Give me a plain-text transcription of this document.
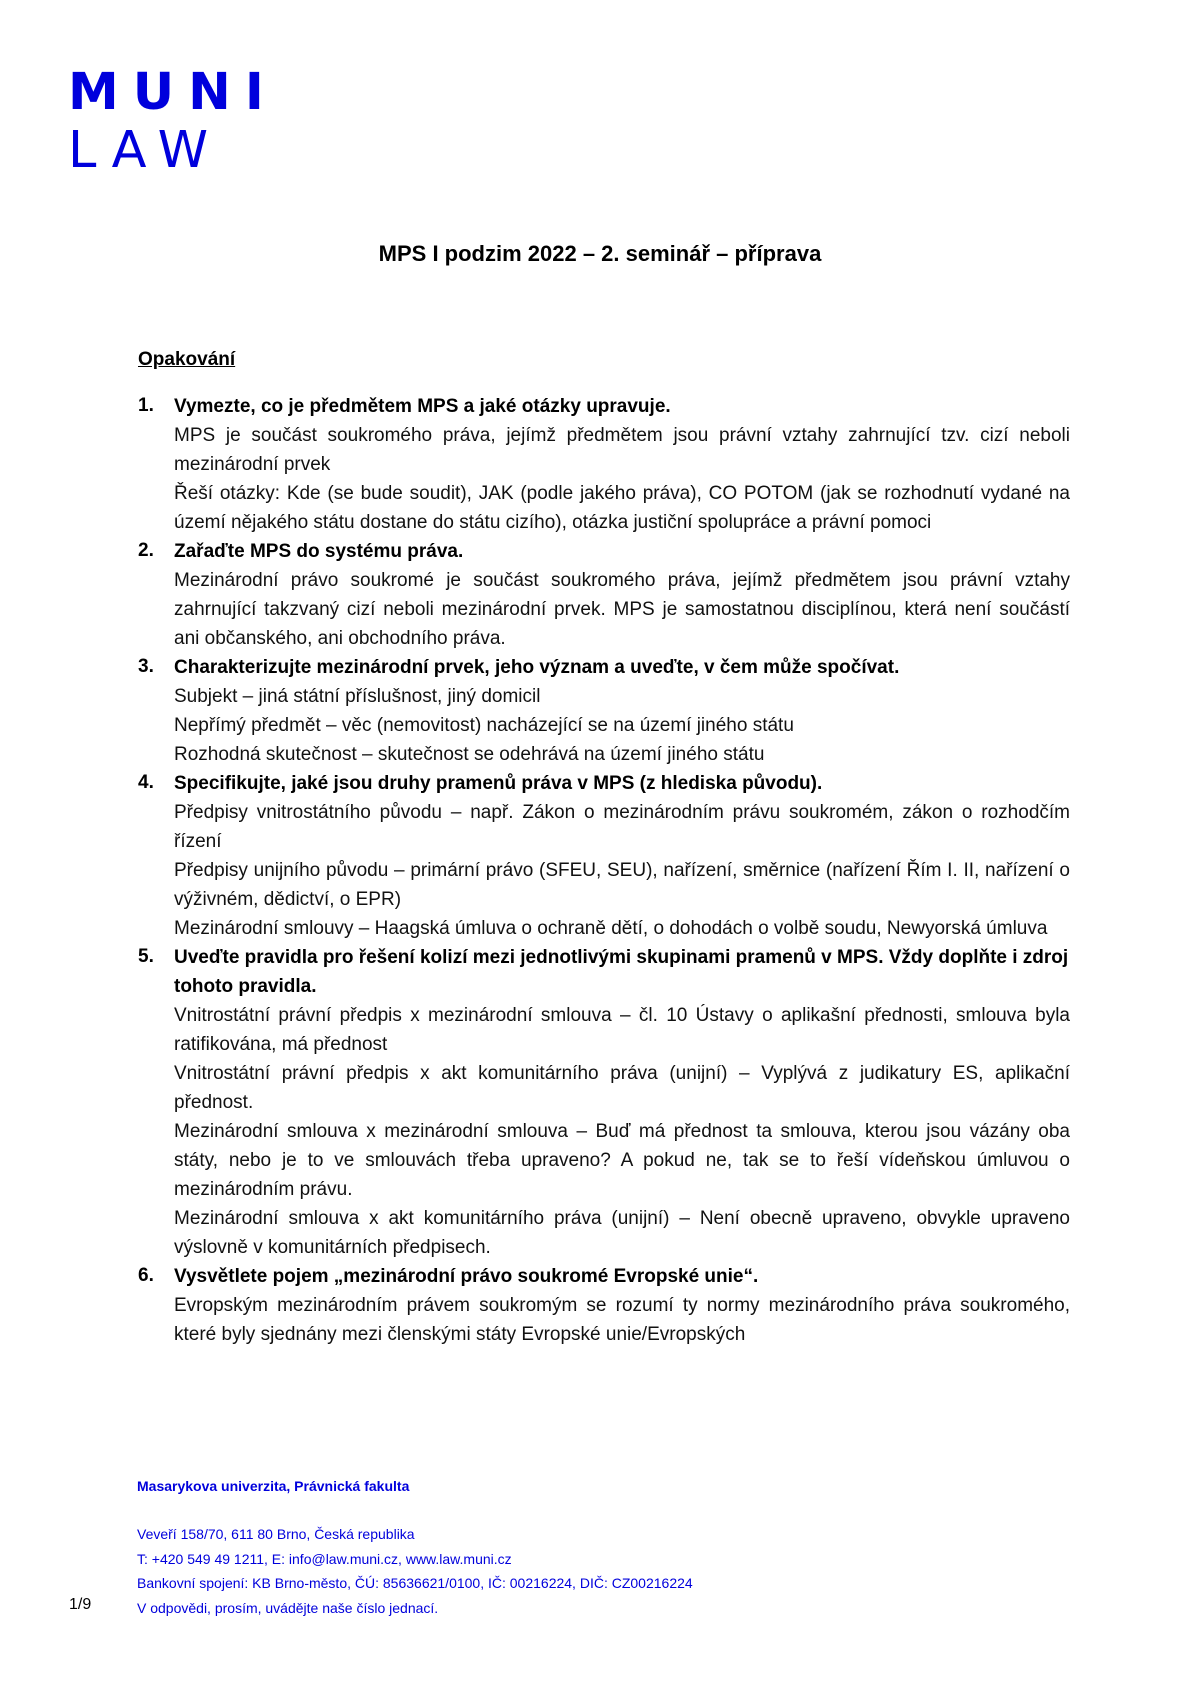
MUNI
LAW
MPS I podzim 2022 – 2. seminář – příprava
Opakování
1. Vymezte, co je předmětem MPS a jaké otázky upravuje.
MPS je součást soukromého práva, jejímž předmětem jsou právní vztahy zahrnující tzv. cizí neboli mezinárodní prvek
Řeší otázky: Kde (se bude soudit), JAK (podle jakého práva), CO POTOM (jak se rozhodnutí vydané na území nějakého státu dostane do státu cizího), otázka justiční spolupráce a právní pomoci
2. Zařaďte MPS do systému práva.
Mezinárodní právo soukromé je součást soukromého práva, jejímž předmětem jsou právní vztahy zahrnující takzvaný cizí neboli mezinárodní prvek. MPS je samostatnou disciplínou, která není součástí ani občanského, ani obchodního práva.
3. Charakterizujte mezinárodní prvek, jeho význam a uveďte, v čem může spočívat.
Subjekt – jiná státní příslušnost, jiný domicil
Nepřímý předmět – věc (nemovitost) nacházející se na území jiného státu
Rozhodná skutečnost – skutečnost se odehrává na území jiného státu
4. Specifikujte, jaké jsou druhy pramenů práva v MPS (z hlediska původu).
Předpisy vnitrostátního původu – např. Zákon o mezinárodním právu soukromém, zákon o rozhodčím řízení
Předpisy unijního původu – primární právo (SFEU, SEU), nařízení, směrnice (nařízení Řím I. II, nařízení o výživném, dědictví, o EPR)
Mezinárodní smlouvy – Haagská úmluva o ochraně dětí, o dohodách o volbě soudu, Newyorská úmluva
5. Uveďte pravidla pro řešení kolizí mezi jednotlivými skupinami pramenů v MPS. Vždy doplňte i zdroj tohoto pravidla.
Vnitrostátní právní předpis x mezinárodní smlouva – čl. 10 Ústavy o aplikašní přednosti, smlouva byla ratifikována, má přednost
Vnitrostátní právní předpis x akt komunitárního práva (unijní) – Vyplývá z judikatury ES, aplikační přednost.
Mezinárodní smlouva x mezinárodní smlouva – Buď má přednost ta smlouva, kterou jsou vázány oba státy, nebo je to ve smlouvách třeba upraveno? A pokud ne, tak se to řeší vídeňskou úmluvou o mezinárodním právu.
Mezinárodní smlouva x akt komunitárního práva (unijní) – Není obecně upraveno, obvykle upraveno výslovně v komunitárních předpisech.
6. Vysvětlete pojem „mezinárodní právo soukromé Evropské unie“.
Evropským mezinárodním právem soukromým se rozumí ty normy mezinárodního práva soukromého, které byly sjednány mezi členskými státy Evropské unie/Evropských
Masarykova univerzita, Právnická fakulta
Veveří 158/70, 611 80 Brno, Česká republika
T: +420 549 49 1211, E: info@law.muni.cz, www.law.muni.cz
Bankovní spojení: KB Brno-město, ČÚ: 85636621/0100, IČ: 00216224, DIČ: CZ00216224
V odpovědi, prosím, uvádějte naše číslo jednací.
1/9
